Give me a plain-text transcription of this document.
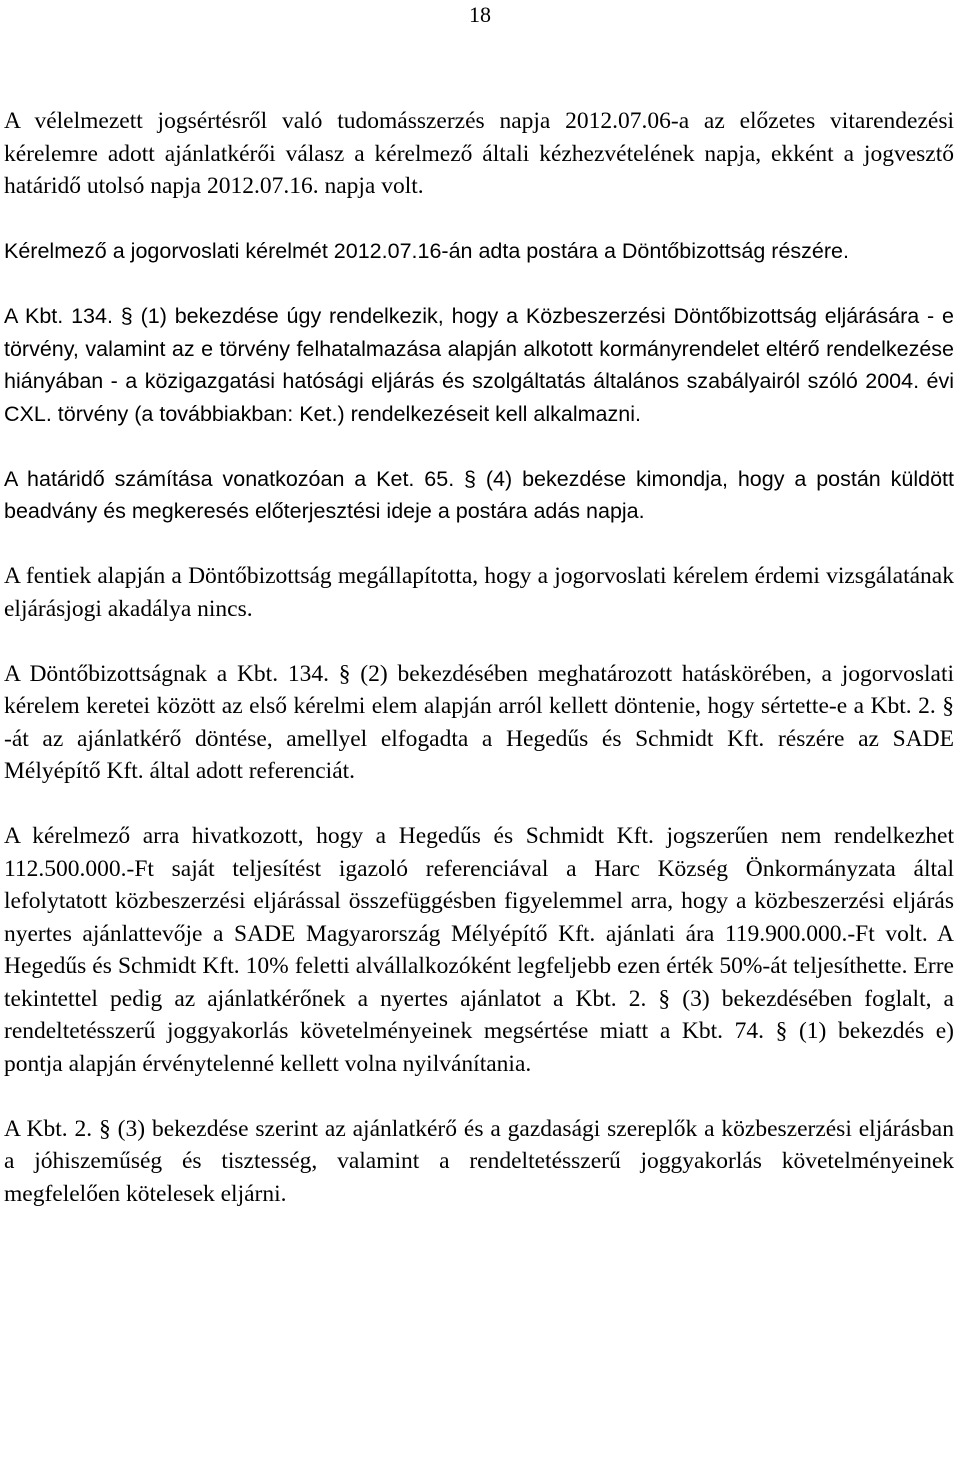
18

A vélelmezett jogsértésről való tudomásszerzés napja 2012.07.06-a az előzetes vitarendezési kérelemre adott ajánlatkérői válasz a kérelmező általi kézhezvételének napja, ekként a jogvesztő határidő utolsó napja 2012.07.16. napja volt.

Kérelmező a jogorvoslati kérelmét 2012.07.16-án adta postára a Döntőbizottság részére.

A Kbt. 134. § (1) bekezdése úgy rendelkezik, hogy a Közbeszerzési Döntőbizottság eljárására - e törvény, valamint az e törvény felhatalmazása alapján alkotott kormányrendelet eltérő rendelkezése hiányában - a közigazgatási hatósági eljárás és szolgáltatás általános szabályairól szóló 2004. évi CXL. törvény (a továbbiakban: Ket.) rendelkezéseit kell alkalmazni.

A határidő számítása vonatkozóan a Ket. 65. § (4) bekezdése kimondja, hogy a postán küldött beadvány és megkeresés előterjesztési ideje a postára adás napja.

A fentiek alapján a Döntőbizottság megállapította, hogy a jogorvoslati kérelem érdemi vizsgálatának eljárásjogi akadálya nincs.

A Döntőbizottságnak a Kbt. 134. § (2) bekezdésében meghatározott hatáskörében, a jogorvoslati kérelem keretei között az első kérelmi elem alapján arról kellett döntenie, hogy sértette-e a Kbt. 2. § -át az ajánlatkérő döntése, amellyel elfogadta a Hegedűs és Schmidt Kft. részére az SADE Mélyépítő Kft. által adott referenciát.

A kérelmező arra hivatkozott, hogy a Hegedűs és Schmidt Kft. jogszerűen nem rendelkezhet 112.500.000.-Ft saját teljesítést igazoló referenciával a Harc Község Önkormányzata által lefolytatott közbeszerzési eljárással összefüggésben figyelemmel arra, hogy a közbeszerzési eljárás nyertes ajánlattevője a SADE Magyarország Mélyépítő Kft. ajánlati ára 119.900.000.-Ft volt. A Hegedűs és Schmidt Kft. 10% feletti alvállalkozóként legfeljebb ezen érték 50%-át teljesíthette. Erre tekintettel pedig az ajánlatkérőnek a nyertes ajánlatot a Kbt. 2. § (3) bekezdésében foglalt, a rendeltetésszerű joggyakorlás követelményeinek megsértése miatt a Kbt. 74. § (1) bekezdés e) pontja alapján érvénytelenné kellett volna nyilvánítania.

A Kbt. 2. § (3) bekezdése szerint az ajánlatkérő és a gazdasági szereplők a közbeszerzési eljárásban a jóhiszeműség és tisztesség, valamint a rendeltetésszerű joggyakorlás követelményeinek megfelelően kötelesek eljárni.
